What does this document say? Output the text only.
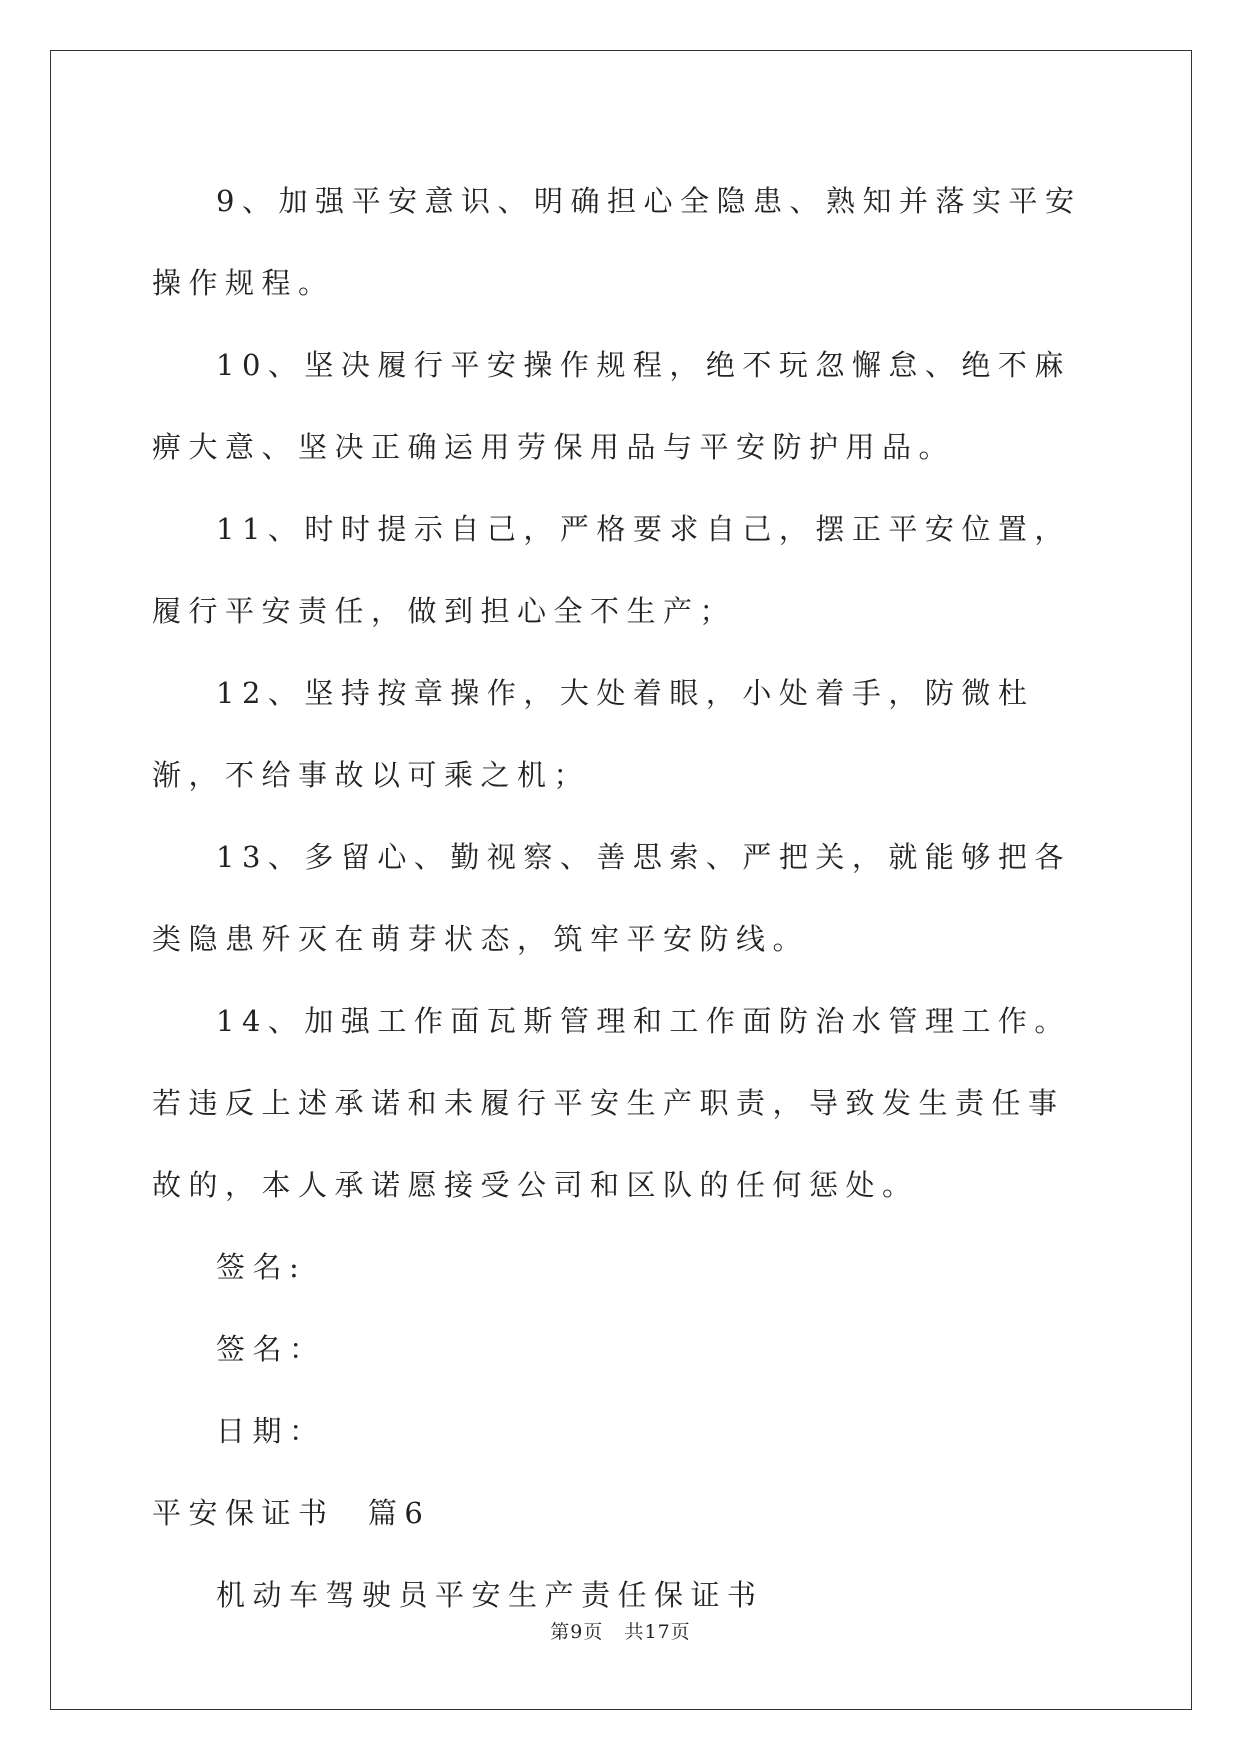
9、加强平安意识、明确担心全隐患、熟知并落实平安操作规程。

10、坚决履行平安操作规程，绝不玩忽懈怠、绝不麻痹大意、坚决正确运用劳保用品与平安防护用品。

11、时时提示自己，严格要求自己，摆正平安位置，履行平安责任，做到担心全不生产；

12、坚持按章操作，大处着眼，小处着手，防微杜渐，不给事故以可乘之机；

13、多留心、勤视察、善思索、严把关，就能够把各类隐患歼灭在萌芽状态，筑牢平安防线。

14、加强工作面瓦斯管理和工作面防治水管理工作。若违反上述承诺和未履行平安生产职责，导致发生责任事故的，本人承诺愿接受公司和区队的任何惩处。

签名:

签名：

日期：

平安保证书  篇6

机动车驾驶员平安生产责任保证书

第9页   共17页
